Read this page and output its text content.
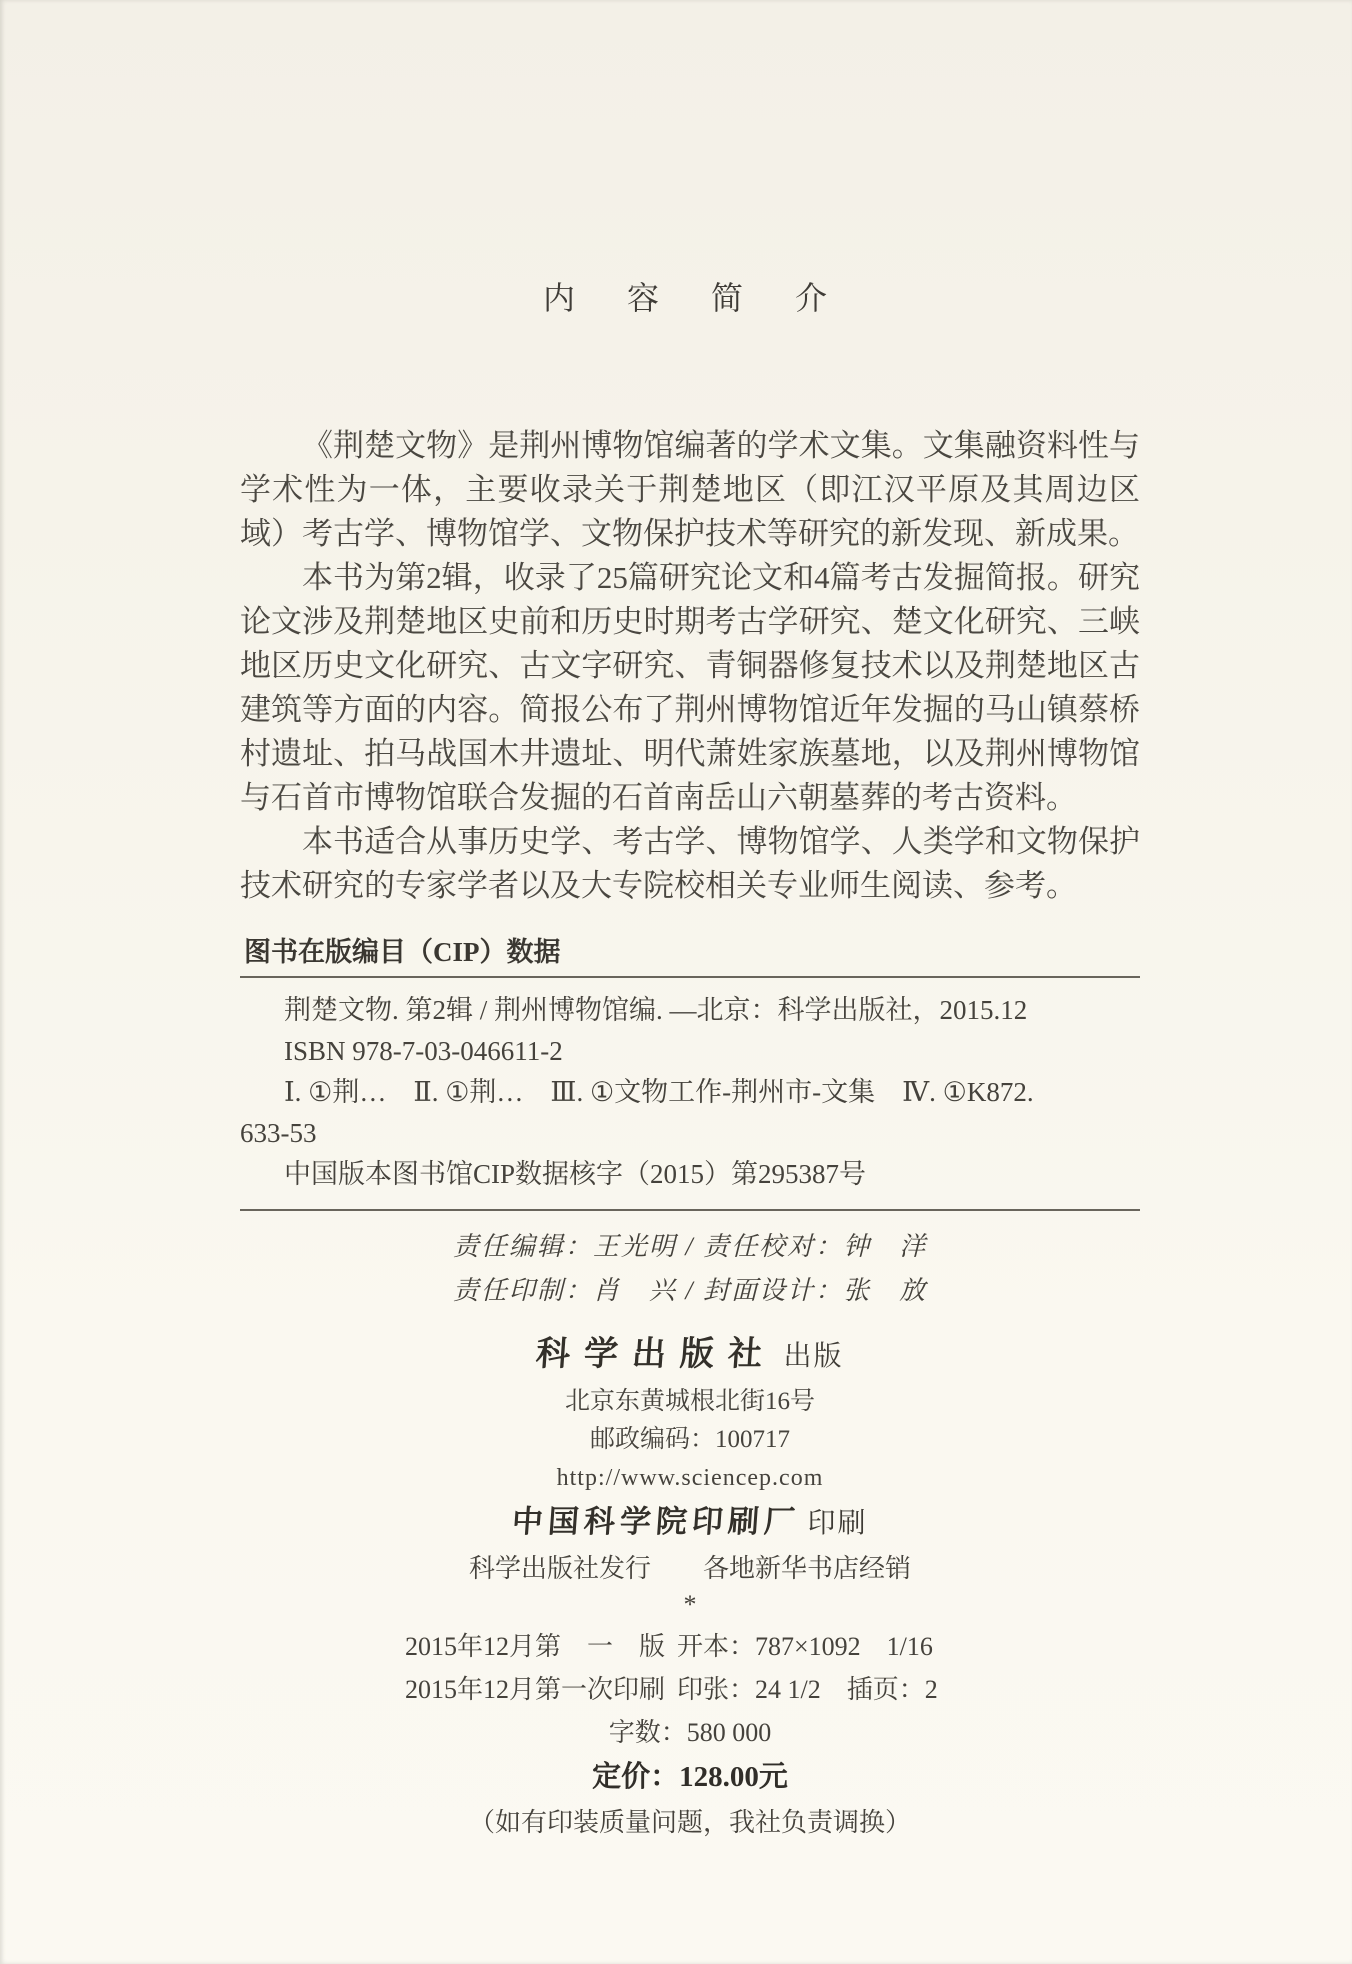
内　容　简　介

《荆楚文物》是荆州博物馆编著的学术文集。文集融资料性与学术性为一体，主要收录关于荆楚地区（即江汉平原及其周边区域）考古学、博物馆学、文物保护技术等研究的新发现、新成果。

本书为第2辑，收录了25篇研究论文和4篇考古发掘简报。研究论文涉及荆楚地区史前和历史时期考古学研究、楚文化研究、三峡地区历史文化研究、古文字研究、青铜器修复技术以及荆楚地区古建筑等方面的内容。简报公布了荆州博物馆近年发掘的马山镇蔡桥村遗址、拍马战国木井遗址、明代萧姓家族墓地，以及荆州博物馆与石首市博物馆联合发掘的石首南岳山六朝墓葬的考古资料。

本书适合从事历史学、考古学、博物馆学、人类学和文物保护技术研究的专家学者以及大专院校相关专业师生阅读、参考。

图书在版编目（CIP）数据

荆楚文物. 第2辑 / 荆州博物馆编. —北京：科学出版社，2015.12

ISBN 978-7-03-046611-2

Ⅰ. ①荆…　Ⅱ. ①荆…　Ⅲ. ①文物工作-荆州市-文集　Ⅳ. ①K872.

633-53

中国版本图书馆CIP数据核字（2015）第295387号

责任编辑：王光明 / 责任校对：钟　洋
责任印制：肖　兴 / 封面设计：张　放
科学出版社 出版
北京东黄城根北街16号
邮政编码：100717
http://www.sciencep.com
中国科学院印刷厂 印刷
科学出版社发行　　各地新华书店经销
*
2015年12月第　一　版 开本：787×1092　1/16
2015年12月第一次印刷 印张：24 1/2　插页：2
字数：580 000
定价：128.00元
（如有印装质量问题，我社负责调换）
